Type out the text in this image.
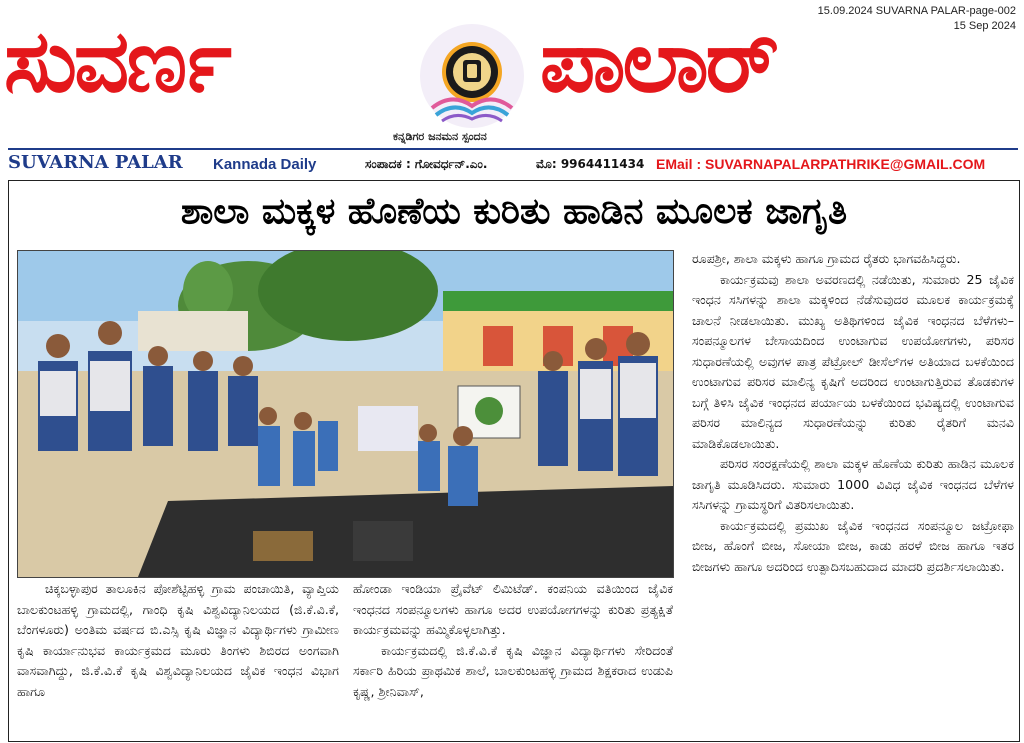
15.09.2024 SUVARNA PALAR-page-002
15 Sep 2024
ಸುವರ್ಣ	ಪಾಲಾರ್
ಕನ್ನಡಿಗರ ಜನಮನ ಸ್ಪಂದನ
SUVARNA PALAR Kannada Daily	ಸಂಪಾದಕ : ಗೋವರ್ಧನ್.ಎಂ.	ಮೊ: 9964411434 EMail : SUVARNAPALARPATHRIKE@GMAIL.COM
ಶಾಲಾ ಮಕ್ಕಳ ಹೊಣೆಯ ಕುರಿತು ಹಾಡಿನ ಮೂಲಕ ಜಾಗೃತಿ

ಚಿಕ್ಕಬಳ್ಳಾಪುರ ತಾಲೂಕಿನ ಪೋಶೆಟ್ಟಿಹಳ್ಳಿ ಗ್ರಾಮ ಪಂಚಾಯಿತಿ, ವ್ಯಾಪ್ತಿಯ ಬಾಲಕುಂಟಹಳ್ಳಿ ಗ್ರಾಮದಲ್ಲಿ, ಗಾಂಧಿ ಕೃಷಿ ವಿಶ್ವವಿದ್ಯಾನಿಲಯದ (ಜಿ.ಕೆ.ವಿ.ಕೆ, ಬೆಂಗಳೂರು) ಅಂತಿಮ ವರ್ಷದ ಬಿ.ಎಸ್ಸಿ ಕೃಷಿ ವಿಜ್ಞಾನ ವಿದ್ಯಾರ್ಥಿಗಳು ಗ್ರಾಮೀಣ ಕೃಷಿ ಕಾರ್ಯಾನುಭವ ಕಾರ್ಯಕ್ರಮದ ಮೂರು ತಿಂಗಳು ಶಿಬಿರದ ಅಂಗವಾಗಿ ವಾಸವಾಗಿದ್ದು, ಜಿ.ಕೆ.ವಿ.ಕೆ ಕೃಷಿ ವಿಶ್ವವಿದ್ಯಾನಿಲಯದ ಜೈವಿಕ ಇಂಧನ ವಿಭಾಗ ಹಾಗೂ

ಹೋಂಡಾ ಇಂಡಿಯಾ ಪ್ರೈವೆಟ್ ಲಿಮಿಟೆಡ್. ಕಂಪನಿಯ ವತಿಯಿಂದ ಜೈವಿಕ ಇಂಧನದ ಸಂಪನ್ಮೂಲಗಳು ಹಾಗೂ ಅದರ ಉಪಯೋಗಗಳನ್ನು ಕುರಿತು ಪ್ರತ್ಯಕ್ಷಿತೆ ಕಾರ್ಯಕ್ರಮವನ್ನು ಹಮ್ಮಿಕೊಳ್ಳಲಾಗಿತ್ತು.

ಕಾರ್ಯಕ್ರಮದಲ್ಲಿ ಜಿ.ಕೆ.ವಿ.ಕೆ ಕೃಷಿ ವಿಜ್ಞಾನ ವಿದ್ಯಾರ್ಥಿಗಳು ಸೇರಿದಂತೆ ಸರ್ಕಾರಿ ಹಿರಿಯ ಪ್ರಾಥಮಿಕ ಶಾಲೆ, ಬಾಲಕುಂಟಹಳ್ಳಿ ಗ್ರಾಮದ ಶಿಕ್ಷಕರಾದ ಉಡುಪಿ ಕೃಷ್ಣ, ಶ್ರೀನಿವಾಸ್,

ರೂಪಶ್ರೀ, ಶಾಲಾ ಮಕ್ಕಳು ಹಾಗೂ ಗ್ರಾಮದ ರೈತರು ಭಾಗವಹಿಸಿದ್ದರು.

ಕಾರ್ಯಕ್ರಮವು ಶಾಲಾ ಅವರಣದಲ್ಲಿ ನಡೆಯಿತು, ಸುಮಾರು 25 ಜೈವಿಕ ಇಂಧನ ಸಸಿಗಳನ್ನು ಶಾಲಾ ಮಕ್ಕಳಿಂದ ನೆಡೆಸುವುದರ ಮೂಲಕ ಕಾರ್ಯಕ್ರಮಕ್ಕೆ ಚಾಲನೆ ನೀಡಲಾಯಿತು. ಮುಖ್ಯ ಅತಿಥಿಗಳಿಂದ ಜೈವಿಕ ಇಂಧನದ ಬೆಳೆಗಳು– ಸಂಪನ್ಮೂಲಗಳ ಬೇಸಾಯದಿಂದ ಉಂಟಾಗುವ ಉಪಯೋಗಗಳು, ಪರಿಸರ ಸುಧಾರಣೆಯಲ್ಲಿ ಅವುಗಳ ಪಾತ್ರ ಪೆಟ್ರೋಲ್ ಡೀಸೆಲ್‌ಗಳ ಅತಿಯಾದ ಬಳಕೆಯಿಂದ ಉಂಟಾಗುವ ಪರಿಸರ ಮಾಲಿನ್ಯ ಕೃಷಿಗೆ ಅದರಿಂದ ಉಂಟಾಗುತ್ತಿರುವ ತೊಡಕುಗಳ ಬಗ್ಗೆ ತಿಳಿಸಿ ಜೈವಿಕ ಇಂಧನದ ಪರ್ಯಾಯ ಬಳಕೆಯಿಂದ ಭವಿಷ್ಯದಲ್ಲಿ ಉಂಟಾಗುವ ಪರಿಸರ ಮಾಲಿನ್ಯದ ಸುಧಾರಣೆಯನ್ನು ಕುರಿತು ರೈತರಿಗೆ ಮನವಿ ಮಾಡಿಕೊಡಲಾಯಿತು.

ಪರಿಸರ ಸಂರಕ್ಷಣೆಯಲ್ಲಿ ಶಾಲಾ ಮಕ್ಕಳ ಹೊಣೆಯ ಕುರಿತು ಹಾಡಿನ ಮೂಲಕ ಜಾಗೃತಿ ಮೂಡಿಸಿದರು. ಸುಮಾರು 1000 ವಿವಿಧ ಜೈವಿಕ ಇಂಧನದ ಬೆಳೆಗಳ ಸಸಿಗಳನ್ನು ಗ್ರಾಮಸ್ಥರಿಗೆ ವಿತರಿಸಲಾಯಿತು.

ಕಾರ್ಯಕ್ರಮದಲ್ಲಿ ಪ್ರಮುಖ ಜೈವಿಕ ಇಂಧನದ ಸಂಪನ್ಮೂಲ ಜಟ್ರೋಫಾ ಬೀಜ, ಹೊಂಗೆ ಬೀಜ, ಸೋಯಾ ಬೀಜ, ಕಾಡು ಹರಳೆ ಬೀಜ ಹಾಗೂ ಇತರ ಬೀಜಗಳು ಹಾಗೂ ಅದರಿಂದ ಉತ್ಪಾದಿಸಬಹುದಾದ ಮಾದರಿ ಪ್ರದರ್ಶಿಸಲಾಯಿತು.
